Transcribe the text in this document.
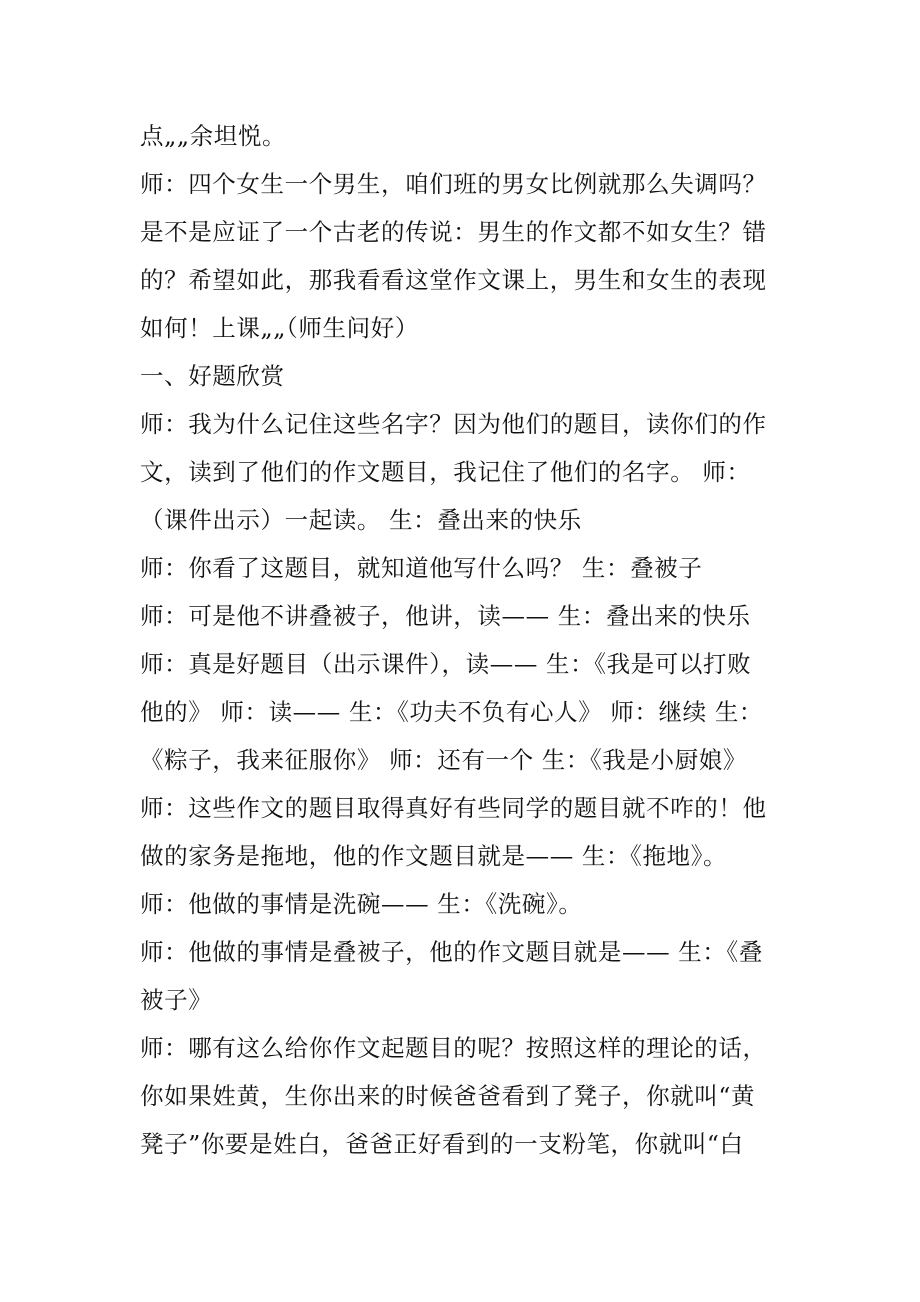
点„„余坦悦。

师：四个女生一个男生，咱们班的男女比例就那么失调吗？

是不是应证了一个古老的传说：男生的作文都不如女生？错

的？希望如此，那我看看这堂作文课上，男生和女生的表现

如何！上课„„（师生问好）

一、好题欣赏

师：我为什么记住这些名字？因为他们的题目，读你们的作

文，读到了他们的作文题目，我记住了他们的名字。 师：

（课件出示）一起读。 生：叠出来的快乐

师：你看了这题目，就知道他写什么吗？ 生：叠被子

师：可是他不讲叠被子，他讲，读—— 生：叠出来的快乐

师：真是好题目（出示课件），读—— 生：《我是可以打败

他的》 师：读—— 生：《功夫不负有心人》 师：继续 生：

《粽子，我来征服你》 师：还有一个 生：《我是小厨娘》

师：这些作文的题目取得真好有些同学的题目就不咋的！他

做的家务是拖地，他的作文题目就是—— 生：《拖地》。

师：他做的事情是洗碗—— 生：《洗碗》。

师：他做的事情是叠被子，他的作文题目就是—— 生：《叠

被子》

师：哪有这么给你作文起题目的呢？按照这样的理论的话，

你如果姓黄，生你出来的时候爸爸看到了凳子，你就叫“黄

凳子”你要是姓白，爸爸正好看到的一支粉笔，你就叫“白
